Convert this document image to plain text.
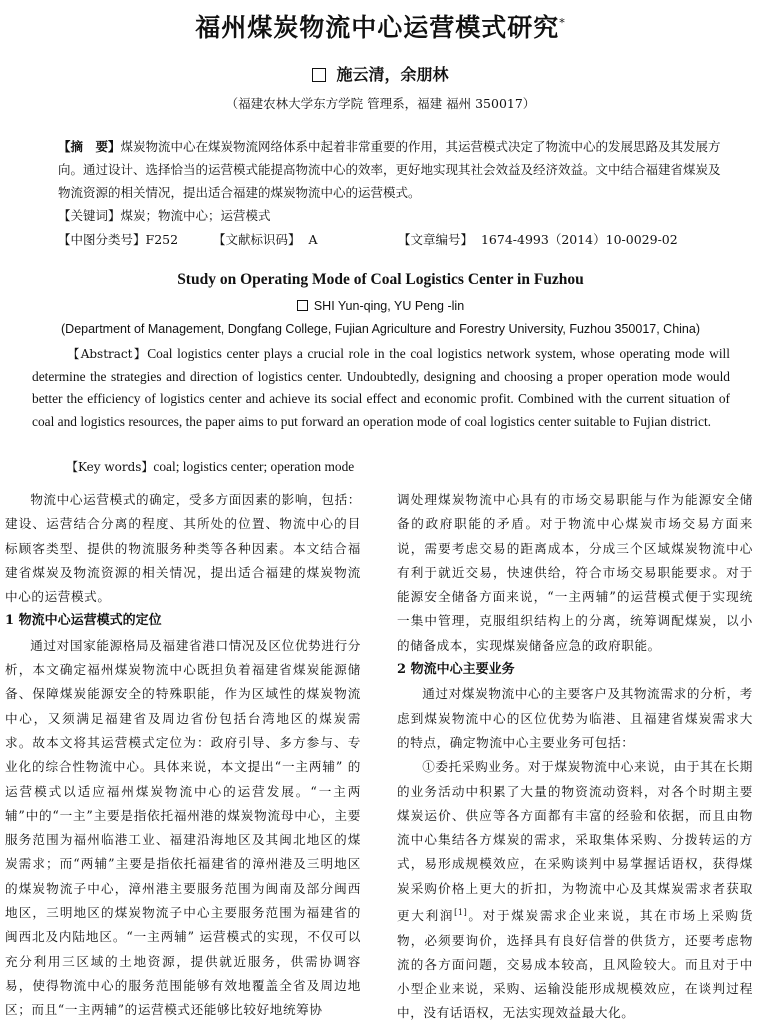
福州煤炭物流中心运营模式研究*
施云清，余朋林
（福建农林大学东方学院 管理系，福建 福州 350017）
【摘　要】煤炭物流中心在煤炭物流网络体系中起着非常重要的作用，其运营模式决定了物流中心的发展思路及其发展方向。通过设计、选择恰当的运营模式能提高物流中心的效率，更好地实现其社会效益及经济效益。文中结合福建省煤炭及物流资源的相关情况，提出适合福建的煤炭物流中心的运营模式。
【关键词】煤炭；物流中心；运营模式
【中图分类号】F252	【文献标识码】 A	【文章编号】 1674-4993（2014）10-0029-02
Study on Operating Mode of Coal Logistics Center in Fuzhou
SHI Yun-qing, YU Peng -lin
(Department of Management, Dongfang College, Fujian Agriculture and Forestry University, Fuzhou 350017, China)
【Abstract】Coal logistics center plays a crucial role in the coal logistics network system, whose operating mode will determine the strategies and direction of logistics center. Undoubtedly, designing and choosing a proper operation mode would better the efficiency of logistics center and achieve its social effect and economic profit. Combined with the current situation of coal and logistics resources, the paper aims to put forward an operation mode of coal logistics center suitable to Fujian district.
【Key words】coal; logistics center; operation mode

物流中心运营模式的确定，受多方面因素的影响，包括：建设、运营结合分离的程度、其所处的位置、物流中心的目标顾客类型、提供的物流服务种类等各种因素。本文结合福建省煤炭及物流资源的相关情况，提出适合福建的煤炭物流中心的运营模式。

1 物流中心运营模式的定位

通过对国家能源格局及福建省港口情况及区位优势进行分析，本文确定福州煤炭物流中心既担负着福建省煤炭能源储备、保障煤炭能源安全的特殊职能，作为区域性的煤炭物流中心，又须满足福建省及周边省份包括台湾地区的煤炭需求。故本文将其运营模式定位为：政府引导、多方参与、专业化的综合性物流中心。具体来说，本文提出“一主两辅” 的运营模式以适应福州煤炭物流中心的运营发展。“一主两辅”中的“一主”主要是指依托福州港的煤炭物流母中心，主要服务范围为福州临港工业、福建沿海地区及其闽北地区的煤炭需求；而“两辅”主要是指依托福建省的漳州港及三明地区的煤炭物流子中心，漳州港主要服务范围为闽南及部分闽西地区，三明地区的煤炭物流子中心主要服务范围为福建省的闽西北及内陆地区。“一主两辅” 运营模式的实现，不仅可以充分利用三区域的土地资源，提供就近服务，供需协调容易，使得物流中心的服务范围能够有效地覆盖全省及周边地区；而且“一主两辅”的运营模式还能够比较好地统筹协

调处理煤炭物流中心具有的市场交易职能与作为能源安全储备的政府职能的矛盾。对于物流中心煤炭市场交易方面来说，需要考虑交易的距离成本，分成三个区域煤炭物流中心有利于就近交易，快速供给，符合市场交易职能要求。对于能源安全储备方面来说，“一主两辅”的运营模式便于实现统一集中管理，克服组织结构上的分离，统筹调配煤炭，以小的储备成本，实现煤炭储备应急的政府职能。

2 物流中心主要业务

通过对煤炭物流中心的主要客户及其物流需求的分析，考虑到煤炭物流中心的区位优势为临港、且福建省煤炭需求大的特点，确定物流中心主要业务可包括：

①委托采购业务。对于煤炭物流中心来说，由于其在长期的业务活动中积累了大量的物资流动资料，对各个时期主要煤炭运价、供应等各方面都有丰富的经验和依据，而且由物流中心集结各方煤炭的需求，采取集体采购、分拨转运的方式，易形成规模效应，在采购谈判中易掌握话语权，获得煤炭采购价格上更大的折扣，为物流中心及其煤炭需求者获取更大利润[1]。对于煤炭需求企业来说，其在市场上采购货物，必须要询价，选择具有良好信誉的供货方，还要考虑物流的各方面问题，交易成本较高，且风险较大。而且对于中小型企业来说，采购、运输没能形成规模效应，在谈判过程中，没有话语权，无法实现效益最大化。
